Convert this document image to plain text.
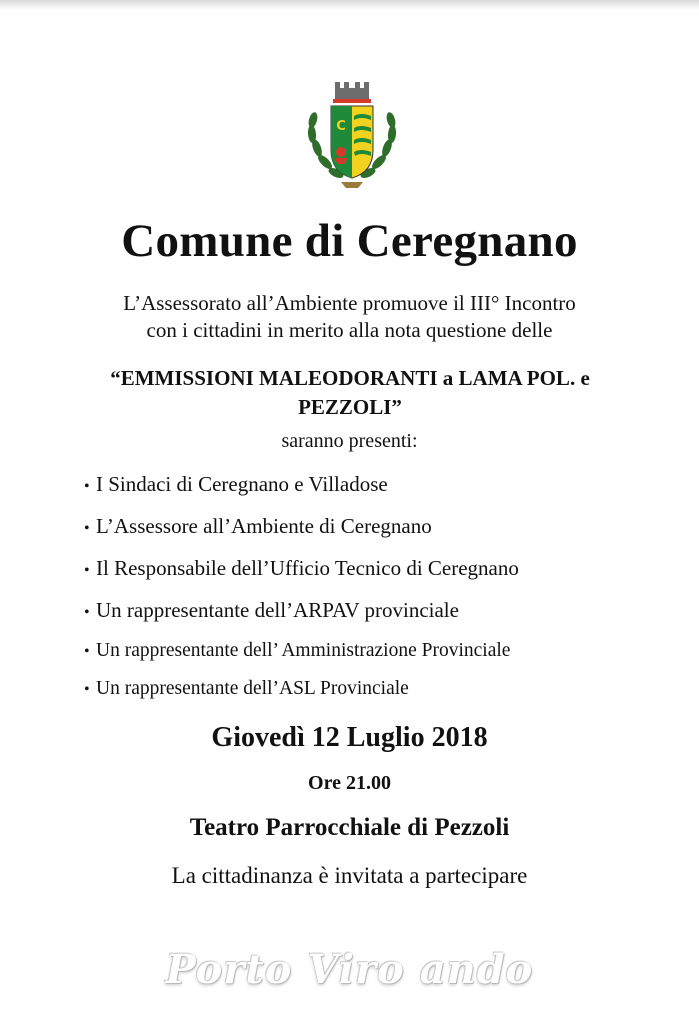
C
Comune di Ceregnano
L’Assessorato all’Ambiente promuove il III° Incontro
con i cittadini in merito alla nota questione delle
“EMMISSIONI MALEODORANTI a LAMA POL. e PEZZOLI”
saranno presenti:
• I Sindaci di Ceregnano e Villadose
• L’Assessore all’Ambiente di Ceregnano
• Il Responsabile dell’Ufficio Tecnico di Ceregnano
• Un rappresentante dell’ARPAV provinciale
• Un rappresentante dell’ Amministrazione Provinciale
• Un rappresentante dell’ASL Provinciale
Giovedì 12 Luglio 2018
Ore 21.00
Teatro Parrocchiale di Pezzoli
La cittadinanza è invitata a partecipare
Porto Viro ando
